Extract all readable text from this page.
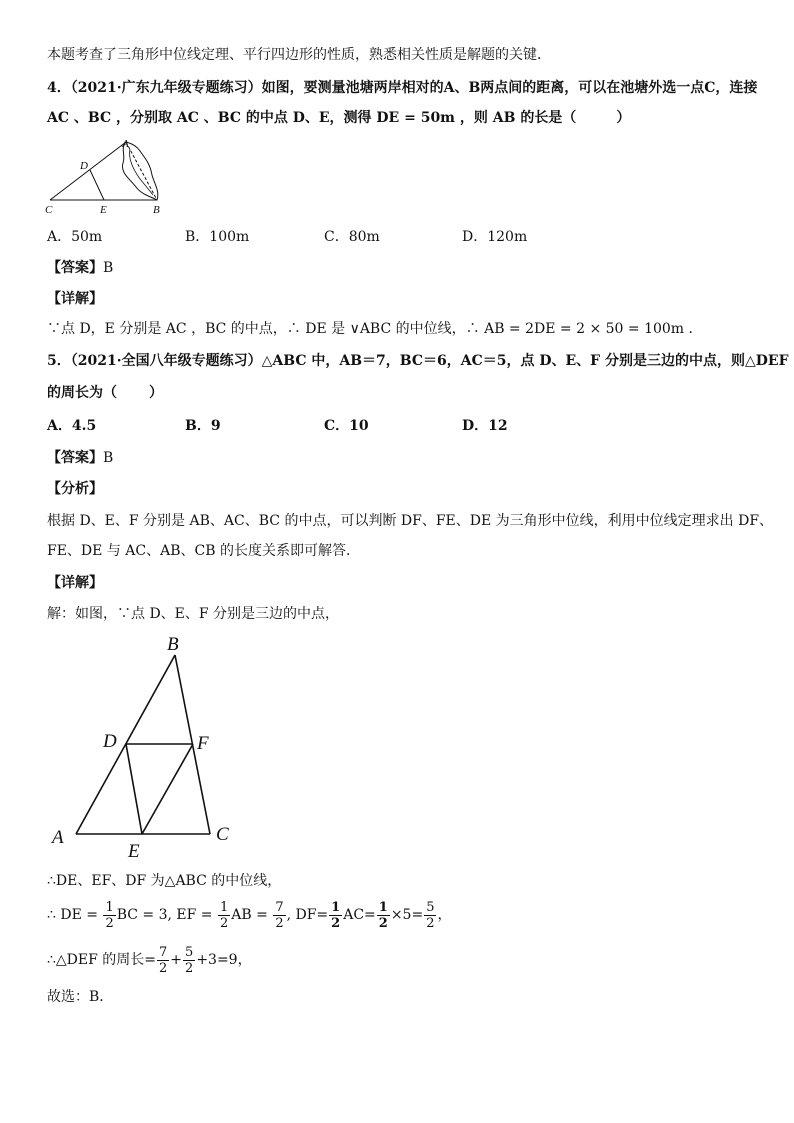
本题考查了三角形中位线定理、平行四边形的性质，熟悉相关性质是解题的关键．
4．（2021·广东九年级专题练习）如图，要测量池塘两岸相对的A、B两点间的距离，可以在池塘外选一点C，连接
AC 、BC ，分别取 AC 、BC 的中点 D、E，测得 DE = 50m ，则 AB 的长是（	）
A
B
C
D
E
A．50m	B．100m	C．80m	D．120m
【答案】B
【详解】
∵点 D，E 分别是 AC ，BC 的中点，∴ DE 是 ∨ABC 的中位线，∴ AB = 2DE = 2 × 50 = 100m ．
5．（2021·全国八年级专题练习）△ABC 中，AB＝7，BC＝6，AC＝5，点 D、E、F 分别是三边的中点，则△DEF
的周长为（ ）
A．4.5	B．9	C．10	D．12
【答案】B
【分析】
根据 D、E、F 分别是 AB、AC、BC 的中点，可以判断 DF、FE、DE 为三角形中位线，利用中位线定理求出 DF、
FE、DE 与 AC、AB、CB 的长度关系即可解答．
【详解】
解：如图，∵点 D、E、F 分别是三边的中点，
B
D	F
A	C
E
∴DE、EF、DF 为△ABC 的中位线，
∴ DE = $\frac{1}{2}$ BC = 3, EF = $\frac{1}{2}$ AB = $\frac{7}{2}$ , $DF= \frac{1}{2} AC= \frac{1}{2} \times 5= \frac{5}{2}$ ，
∴△DEF 的周长= $\frac{7}{2} + \frac{5}{2} +3=9$，
故选：B．
